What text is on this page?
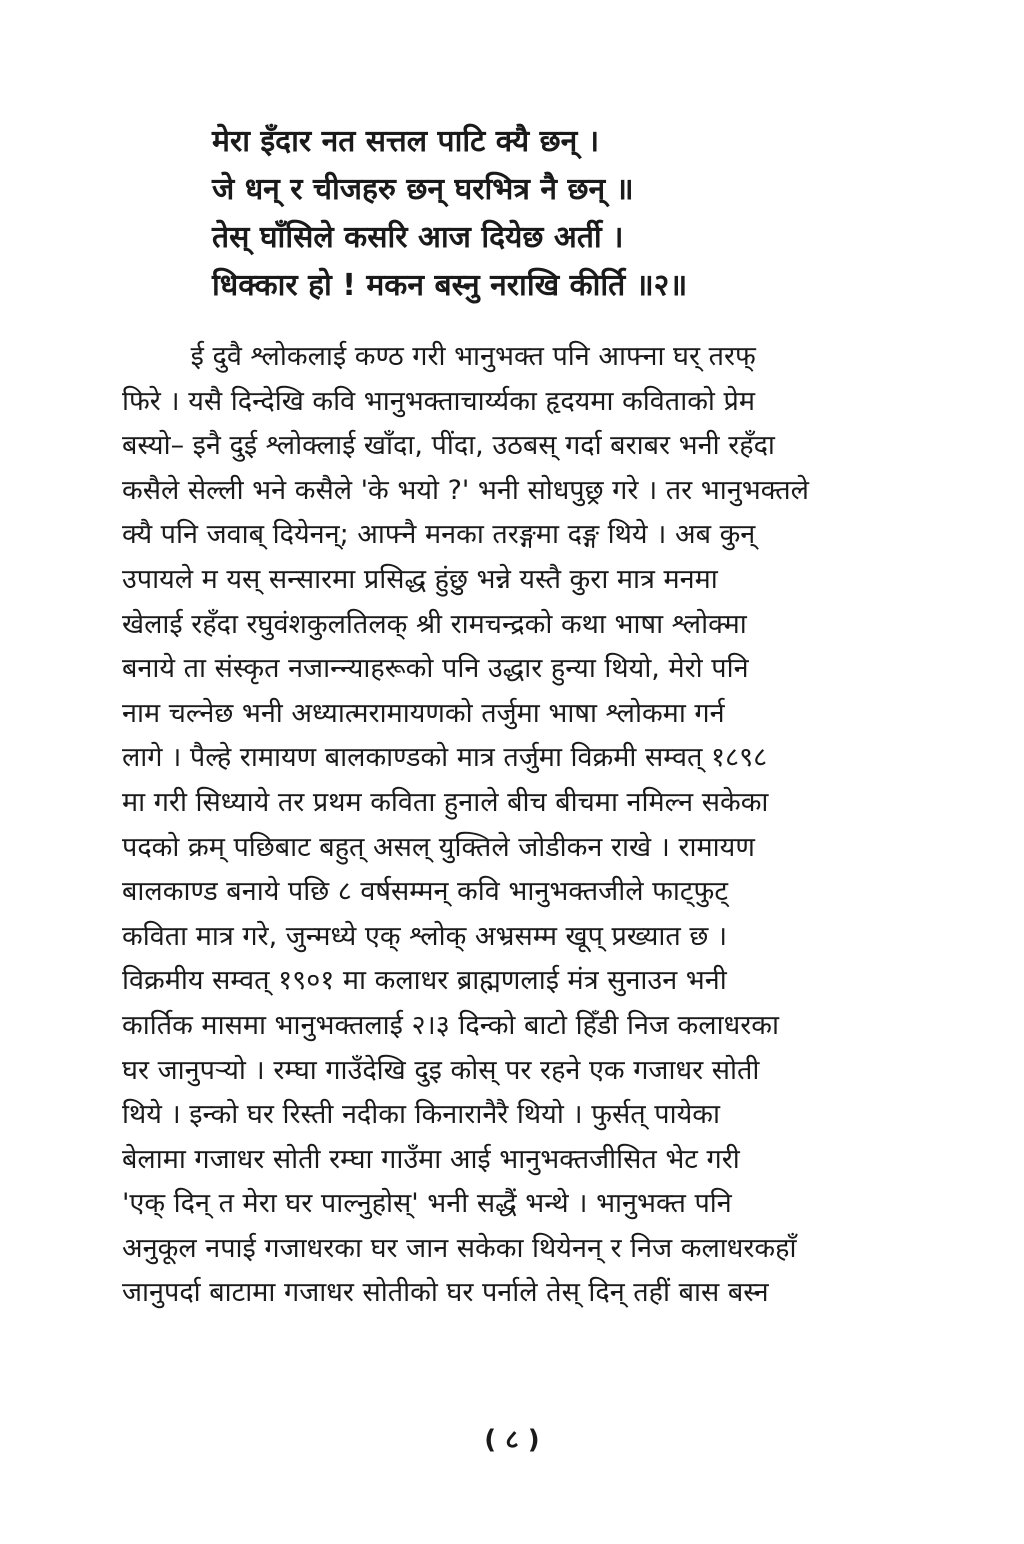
मेरा इँदार नत सत्तल पाटि क्यै छन् ।
जे धन् र चीजहरु छन् घरभित्र नै छन् ॥
तेस् घाँसिले कसरि आज दियेछ अर्ती ।
धिक्कार हो ! मकन बस्नु नराखि कीर्ति ॥२॥
ई दुवै श्लोकलाई कण्ठ गरी भानुभक्त पनि आफ्ना घर् तरफ्
फिरे । यसै दिन्देखि कवि भानुभक्ताचार्य्यका हृदयमा कविताको प्रेम
बस्यो– इनै दुई श्लोक्लाई खाँदा, पींदा, उठबस् गर्दा बराबर भनी रहँदा
कसैले सेल्ली भने कसैले 'के भयो ?' भनी सोधपुछ्र गरे । तर भानुभक्तले
क्यै पनि जवाब् दियेनन्; आफ्नै मनका तरङ्गमा दङ्ग थिये । अब कुन्
उपायले म यस् सन्सारमा प्रसिद्ध हुंछु भन्ने यस्तै कुरा मात्र मनमा
खेलाई रहँदा रघुवंशकुलतिलक् श्री रामचन्द्रको कथा भाषा श्लोक्मा
बनाये ता संस्कृत नजान्न्याहरूको पनि उद्धार हुन्या थियो, मेरो पनि
नाम चल्नेछ भनी अध्यात्मरामायणको तर्जुमा भाषा श्लोकमा गर्न
लागे । पैल्हे रामायण बालकाण्डको मात्र तर्जुमा विक्रमी सम्वत् १८९८
मा गरी सिध्याये तर प्रथम कविता हुनाले बीच बीचमा नमिल्न सकेका
पदको क्रम् पछिबाट बहुत् असल् युक्तिले जोडीकन राखे । रामायण
बालकाण्ड बनाये पछि ८ वर्षसम्मन् कवि भानुभक्तजीले फाट्फुट्
कविता मात्र गरे, जुन्मध्ये एक् श्लोक् अभ्रसम्म खूप् प्रख्यात छ ।
विक्रमीय सम्वत् १९०१ मा कलाधर ब्राह्मणलाई मंत्र सुनाउन भनी
कार्तिक मासमा भानुभक्तलाई २।३ दिन्को बाटो हिँडी निज कलाधरका
घर जानुपर्‍यो । रम्घा गाउँदेखि दुइ कोस् पर रहने एक गजाधर सोती
थिये । इन्को घर रिस्ती नदीका किनारानैरै थियो । फुर्सत् पायेका
बेलामा गजाधर सोती रम्घा गाउँमा आई भानुभक्तजीसित भेट गरी
'एक् दिन् त मेरा घर पाल्नुहोस्' भनी सद्धैं भन्थे । भानुभक्त पनि
अनुकूल नपाई गजाधरका घर जान सकेका थियेनन् र निज कलाधरकहाँ
जानुपर्दा बाटामा गजाधर सोतीको घर पर्नाले तेस् दिन् तहीं बास बस्न
( ८ )
